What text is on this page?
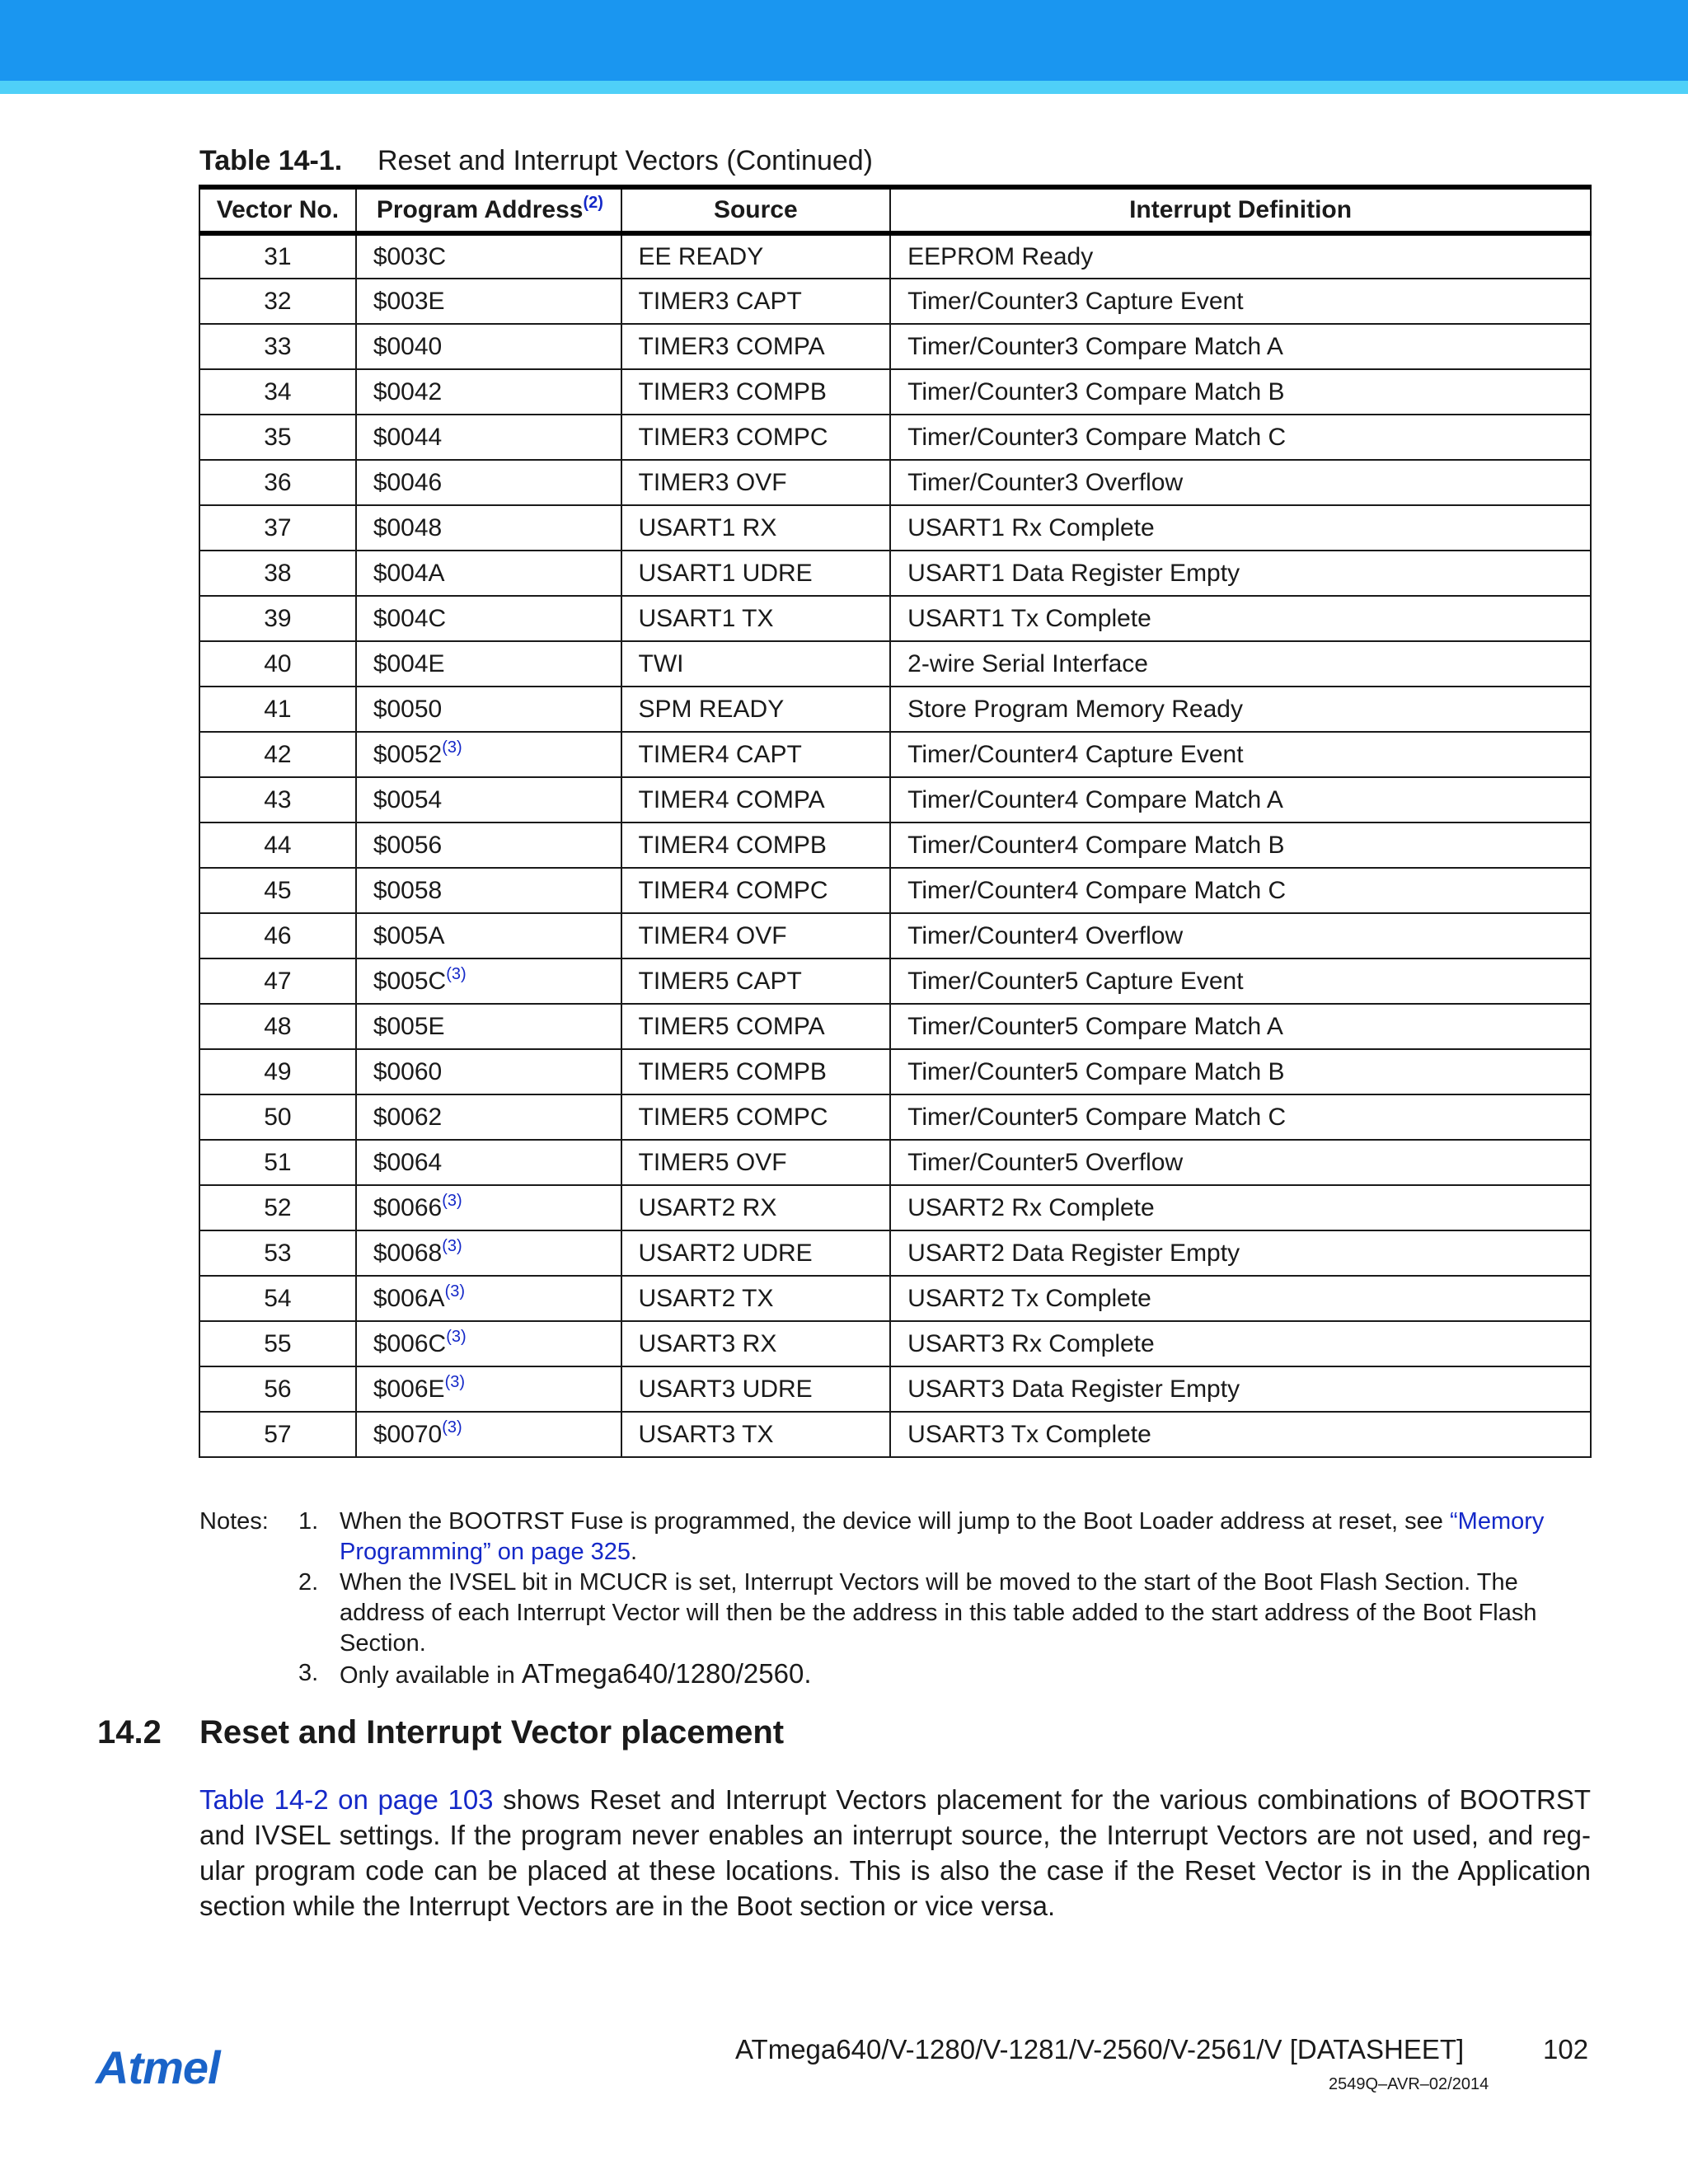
Table 14-1. Reset and Interrupt Vectors (Continued)
Vector No.	Program Address$^{(2)}$	Source	Interrupt Definition
31	$003C	EE READY	EEPROM Ready
32	$003E	TIMER3 CAPT	Timer/Counter3 Capture Event
33	$0040	TIMER3 COMPA	Timer/Counter3 Compare Match A
34	$0042	TIMER3 COMPB	Timer/Counter3 Compare Match B
35	$0044	TIMER3 COMPC	Timer/Counter3 Compare Match C
36	$0046	TIMER3 OVF	Timer/Counter3 Overflow
37	$0048	USART1 RX	USART1 Rx Complete
38	$004A	USART1 UDRE	USART1 Data Register Empty
39	$004C	USART1 TX	USART1 Tx Complete
40	$004E	TWI	2-wire Serial Interface
41	$0050	SPM READY	Store Program Memory Ready
42	$0052$^{(3)}$	TIMER4 CAPT	Timer/Counter4 Capture Event
43	$0054	TIMER4 COMPA	Timer/Counter4 Compare Match A
44	$0056	TIMER4 COMPB	Timer/Counter4 Compare Match B
45	$0058	TIMER4 COMPC	Timer/Counter4 Compare Match C
46	$005A	TIMER4 OVF	Timer/Counter4 Overflow
47	$005C$^{(3)}$	TIMER5 CAPT	Timer/Counter5 Capture Event
48	$005E	TIMER5 COMPA	Timer/Counter5 Compare Match A
49	$0060	TIMER5 COMPB	Timer/Counter5 Compare Match B
50	$0062	TIMER5 COMPC	Timer/Counter5 Compare Match C
51	$0064	TIMER5 OVF	Timer/Counter5 Overflow
52	$0066$^{(3)}$	USART2 RX	USART2 Rx Complete
53	$0068$^{(3)}$	USART2 UDRE	USART2 Data Register Empty
54	$006A$^{(3)}$	USART2 TX	USART2 Tx Complete
55	$006C$^{(3)}$	USART3 RX	USART3 Rx Complete
56	$006E$^{(3)}$	USART3 UDRE	USART3 Data Register Empty
57	$0070$^{(3)}$	USART3 TX	USART3 Tx Complete
Notes: 1. When the BOOTRST Fuse is programmed, the device will jump to the Boot Loader address at reset, see “Memory Programming” on page 325.
2. When the IVSEL bit in MCUCR is set, Interrupt Vectors will be moved to the start of the Boot Flash Section. The address of each Interrupt Vector will then be the address in this table added to the start address of the Boot Flash Section.
3. Only available in ATmega640/1280/2560.
14.2 Reset and Interrupt Vector placement
Table 14-2 on page 103 shows Reset and Interrupt Vectors placement for the various combinations of BOOTRST and IVSEL settings. If the program never enables an interrupt source, the Interrupt Vectors are not used, and reg-ular program code can be placed at these locations. This is also the case if the Reset Vector is in the Application section while the Interrupt Vectors are in the Boot section or vice versa.
Atmel	ATmega640/V-1280/V-1281/V-2560/V-2561/V [DATASHEET]	102
2549Q–AVR–02/2014
